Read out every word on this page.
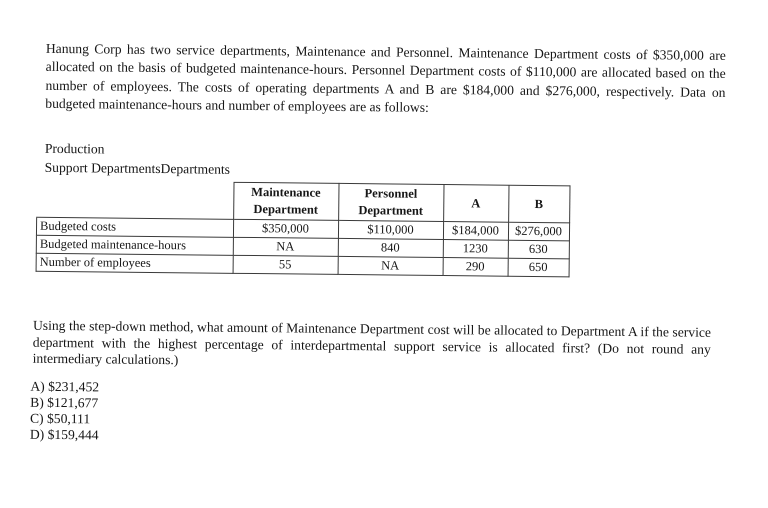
Hanung Corp has two service departments, Maintenance and Personnel. Maintenance Department costs of $350,000 are allocated on the basis of budgeted maintenance-hours. Personnel Department costs of $110,000 are allocated based on the number of employees. The costs of operating departments A and B are $184,000 and $276,000, respectively. Data on budgeted maintenance-hours and number of employees are as follows:

Production
Support DepartmentsDepartments
	Maintenance Department	Personnel Department	A	B
Budgeted costs	$350,000	$110,000	$184,000	$276,000
Budgeted maintenance-hours	NA	840	1230	630
Number of employees	55	NA	290	650

Using the step-down method, what amount of Maintenance Department cost will be allocated to Department A if the service department with the highest percentage of interdepartmental support service is allocated first? (Do not round any intermediary calculations.)

A) $231,452
B) $121,677
C) $50,111
D) $159,444
